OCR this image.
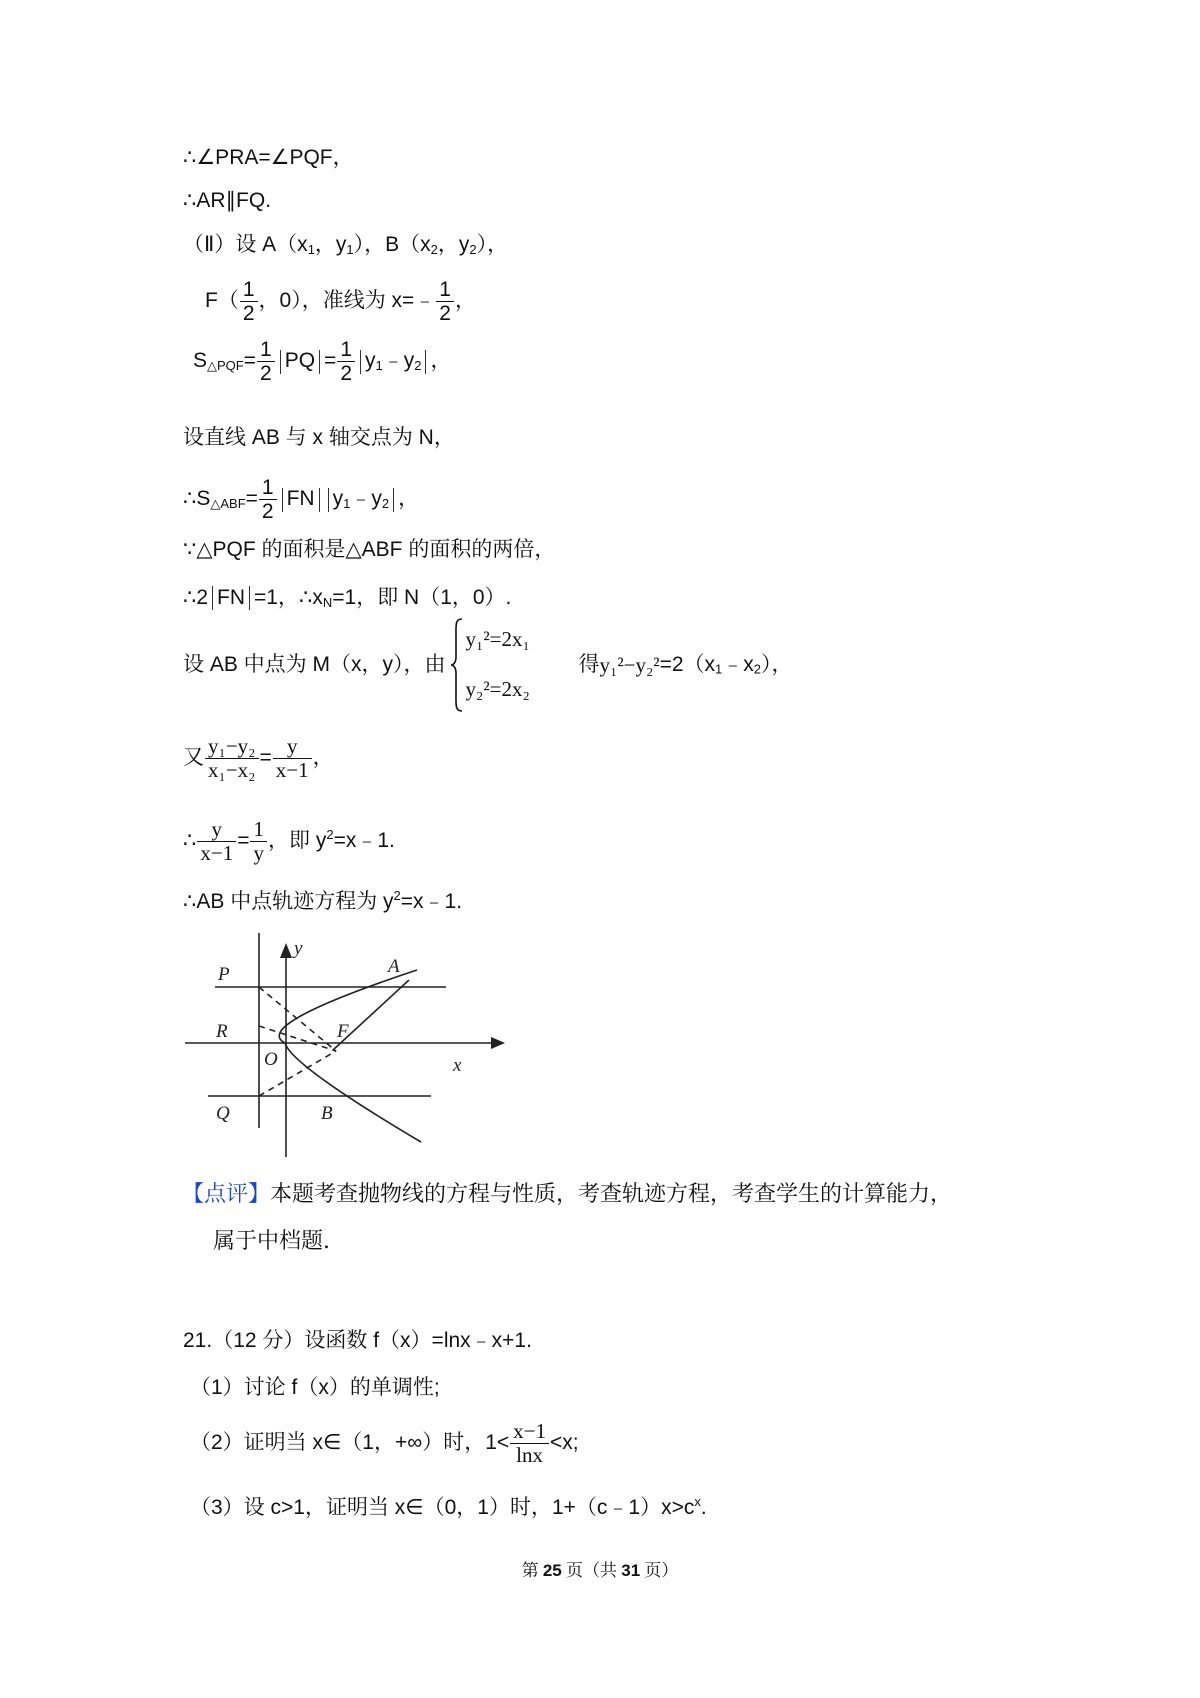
∴∠PRA=∠PQF，
∴AR∥FQ.
（Ⅱ）设 $A(x_1$，$y_1$），$B(x_2$，$y_2$），
$F( \frac{1}{2}$ ，0），准线为 x=﹣ $\frac{1}{2}$ ，
$S_{\triangle PQF}= \frac{1}{2}$ PQ = $\frac{1}{2}$ $y_1﹣y_2$ ，
设直线 AB 与 x 轴交点为 N，
$\therefore S_{\triangle ABF}= \frac{1}{2}$ FN $y_1﹣y_2$ ，
∵△PQF 的面积是△ABF 的面积的两倍，
∴2 FN =1，$\therefore x_N=1$，即 N（1，0）.
设 AB 中点为 M（x，y），由
y₁²=2x₁
y₂²=2x₂
得$y_1^2-y_2^2=2(x_1﹣x_2)$，
又 $\frac{\text{y₁−y₂}}{\text{x₁−x₂}} = \frac{y}{x-1}$ ，
∴ $\frac{y}{x-1} = \frac{1}{y}$ ，即 $y^2=x﹣1$.
∴AB 中点轨迹方程为 $y^2=x﹣1$.
P	A
y
R	F
O	x
Q	B
【点评】本题考查抛物线的方程与性质，考查轨迹方程，考查学生的计算能力，
属于中档题.
21.（12 分）设函数 f（x）=lnx﹣x+1.
（1）讨论 f（x）的单调性;
（2）证明当 x∈（1，+∞）时，$1< \frac{x-1}{\ln x} <x$;
（3）设 c>1，证明当 x∈（0，1）时，$1+(c﹣1)x>c^x$.
第 25 页（共 31 页）
